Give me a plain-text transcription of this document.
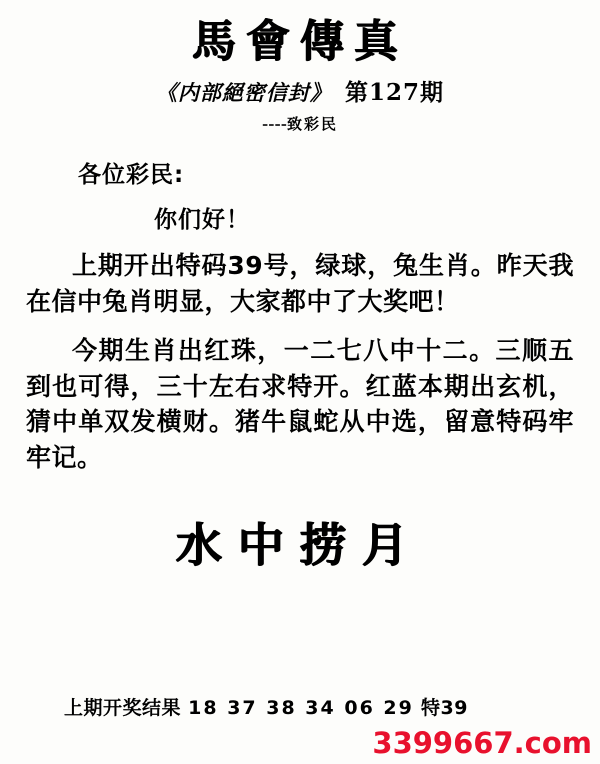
馬會傳真
《内部絕密信封》 第127期
----致彩民
各位彩民:
你们好！
上期开出特码39号，绿球，兔生肖。昨天我在信中兔肖明显，大家都中了大奖吧！
今期生肖出红珠，一二七八中十二。三顺五到也可得，三十左右求特开。红蓝本期出玄机，猜中单双发横财。猪牛鼠蛇从中选，留意特码牢牢记。
水中捞月
上期开奖结果 18 37 38 34 06 29 特39
3399667.com
